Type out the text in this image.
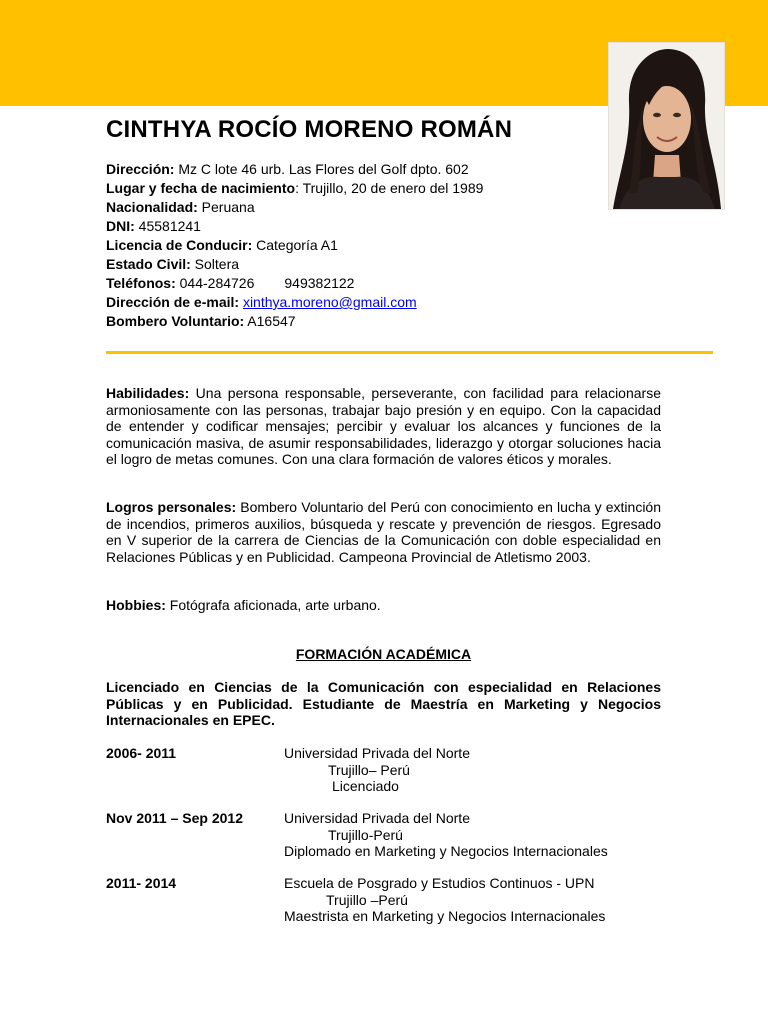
CINTHYA ROCÍO MORENO ROMÁN
Dirección: Mz C lote 46 urb. Las Flores del Golf dpto. 602
Lugar y fecha de nacimiento: Trujillo, 20 de enero del 1989
Nacionalidad: Peruana
DNI: 45581241
Licencia de Conducir: Categoría A1
Estado Civil: Soltera
Teléfonos: 044-284726 949382122
Dirección de e-mail: xinthya.moreno@gmail.com
Bombero Voluntario: A16547

Habilidades: Una persona responsable, perseverante, con facilidad para relacionarse armoniosamente con las personas, trabajar bajo presión y en equipo. Con la capacidad de entender y codificar mensajes; percibir y evaluar los alcances y funciones de la comunicación masiva, de asumir responsabilidades, liderazgo y otorgar soluciones hacia el logro de metas comunes. Con una clara formación de valores éticos y morales.

Logros personales: Bombero Voluntario del Perú con conocimiento en lucha y extinción de incendios, primeros auxilios, búsqueda y rescate y prevención de riesgos. Egresado en V superior de la carrera de Ciencias de la Comunicación con doble especialidad en Relaciones Públicas y en Publicidad. Campeona Provincial de Atletismo 2003.

Hobbies: Fotógrafa aficionada, arte urbano.

FORMACIÓN ACADÉMICA

Licenciado en Ciencias de la Comunicación con especialidad en Relaciones Públicas y en Publicidad. Estudiante de Maestría en Marketing y Negocios Internacionales en EPEC.

2006- 2011	Universidad Privada del Norte
Trujillo– Perú
Licenciado
Nov 2011 – Sep 2012	Universidad Privada del Norte
Trujillo-Perú
Diplomado en Marketing y Negocios Internacionales
2011- 2014	Escuela de Posgrado y Estudios Continuos - UPN
Trujillo –Perú
Maestrista en Marketing y Negocios Internacionales
